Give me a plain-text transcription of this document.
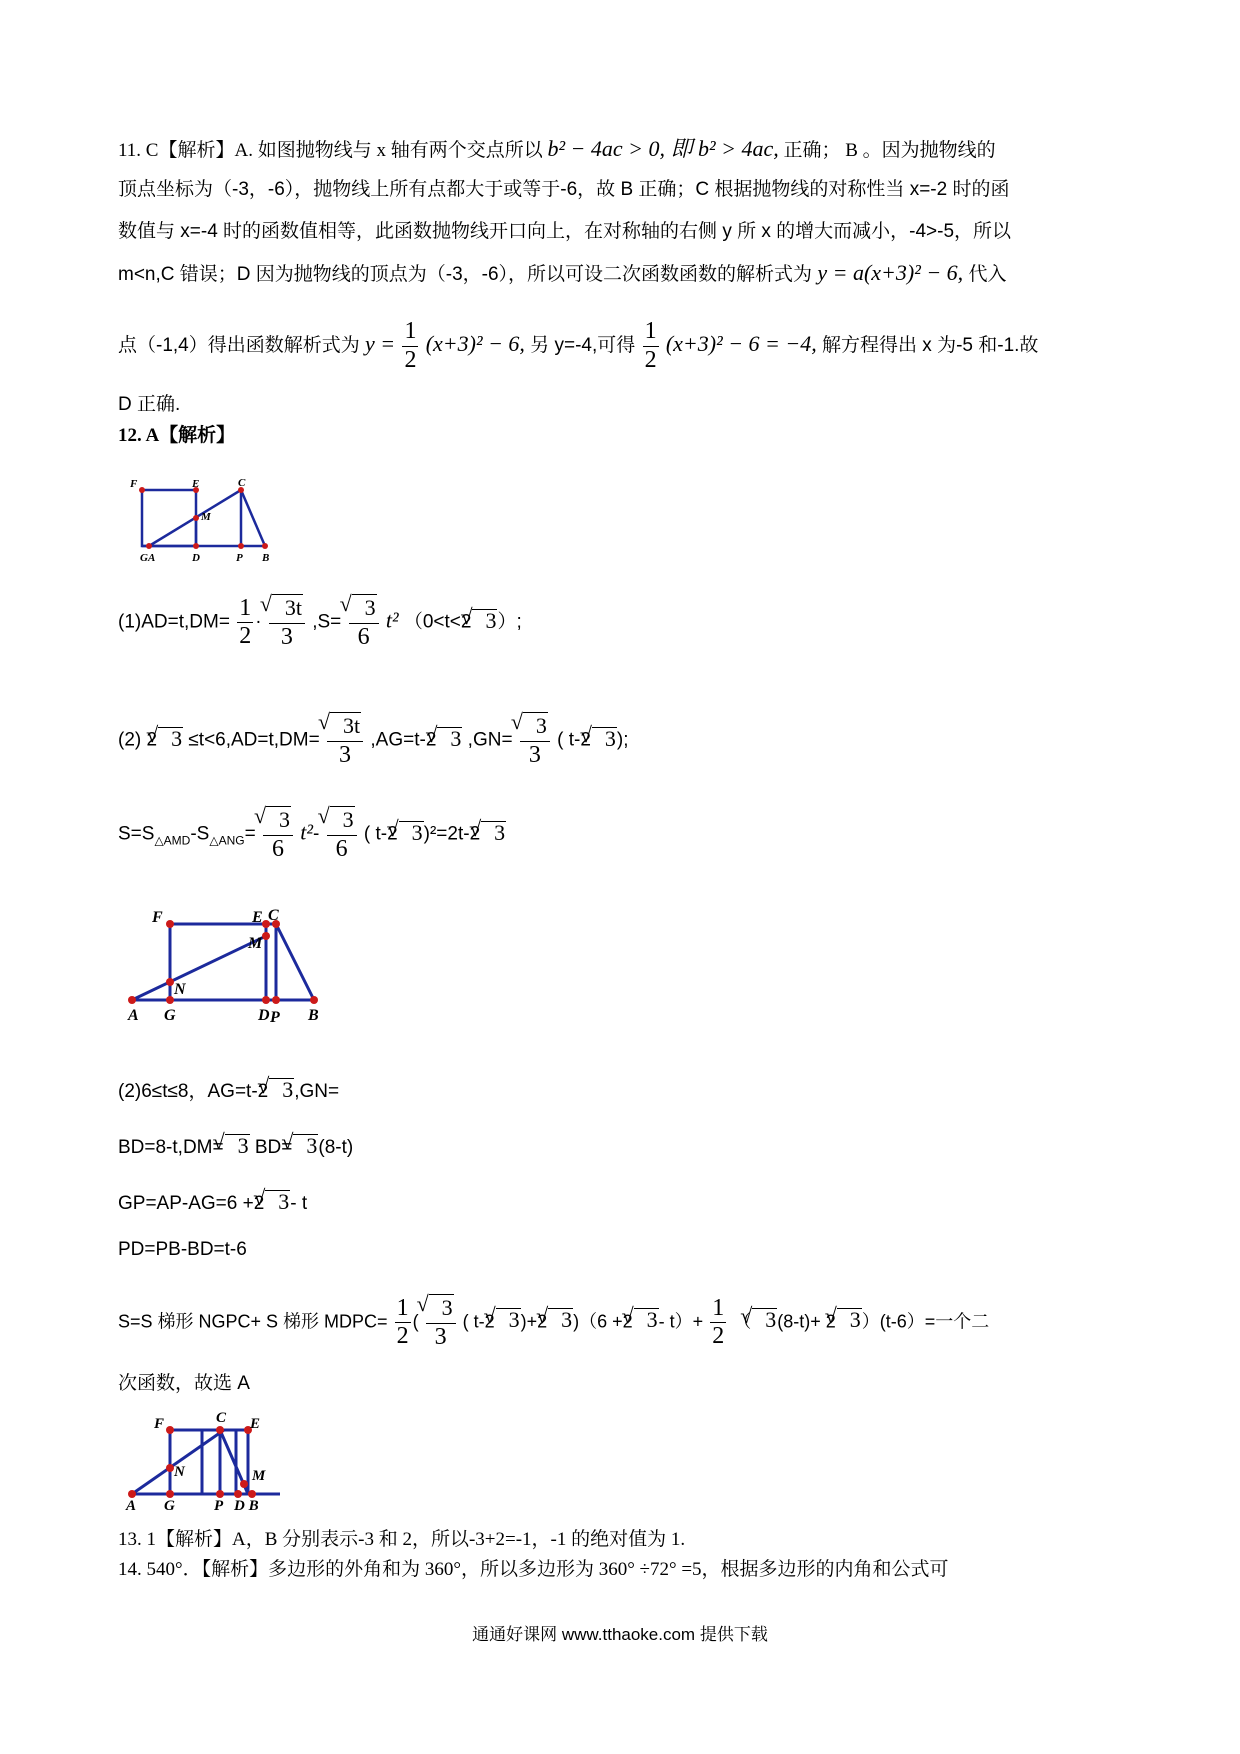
11. C【解析】A. 如图抛物线与 x 轴有两个交点所以 b² − 4ac > 0, 即 b² > 4ac, 正确； B 。因为抛物线的
顶点坐标为（-3，-6），抛物线上所有点都大于或等于-6，故 B 正确；C 根据抛物线的对称性当 x=-2 时的函
数值与 x=-4 时的函数值相等，此函数抛物线开口向上，在对称轴的右侧 y 所 x 的增大而减小，-4>-5，所以
m<n,C 错误；D 因为抛物线的顶点为（-3，-6），所以可设二次函数函数的解析式为 y = a(x+3)² − 6, 代入
点（-1,4）得出函数解析式为 $y = \frac{1}{2} (x+3)^2 - 6$, 另 y=-4,可得 $\frac{1}{2} (x+3)^2 - 6 = -4$, 解方程得出 x 为-5 和-1.故
D 正确.
12. A【解析】
F	E	C
M
GA	D	P B
$(1)AD=t,DM= \frac{1}{2}$ ·
√ $\frac{3t}{3} ,S=$
√ $\frac{3}{6} t^2$ （0<t<2√ 3）;
(2) 2√ 3 ≤t<6,AD=t,DM=
√ $\frac{3t}{3} ,AG=t-2√$ 3 ,GN=
√ $\frac{3}{3}$ ( t-2√ 3);
$S=S_{\triangle AMD}-S_{\triangle ANG}=$
√ $\frac{3}{6} t^2-$
√ $\frac{3}{6}$ ( t-2√ 3)²=2t-2√ 3
F	E C
M
N
A G	D P B
(2)6≤t≤8，AG=t-2√ 3,GN=
BD=8-t,DM=√ 3 BD=√ 3(8-t)
GP=AP-AG=6 +2√ 3- t
PD=PB-BD=t-6
S=S 梯形 NGPC+ S 梯形 MDPC= $\frac{1}{2}$ (
√ $\frac{3}{3}$ ( t-2√ 3)+2√ 3)（6 +2√ 3- $t)+ \frac{1}{2}$ （√ 3(8-t)+ 2√ 3）(t-6）=一个二
次函数，故选 A
F	C E
N	M
A G	P D B
13. 1【解析】A，B 分别表示-3 和 2，所以-3+2=-1，-1 的绝对值为 1.
14. 540°．【解析】多边形的外角和为 360°，所以多边形为 360° ÷72° =5，根据多边形的内角和公式可
通通好课网 www.tthaoke.com 提供下载
